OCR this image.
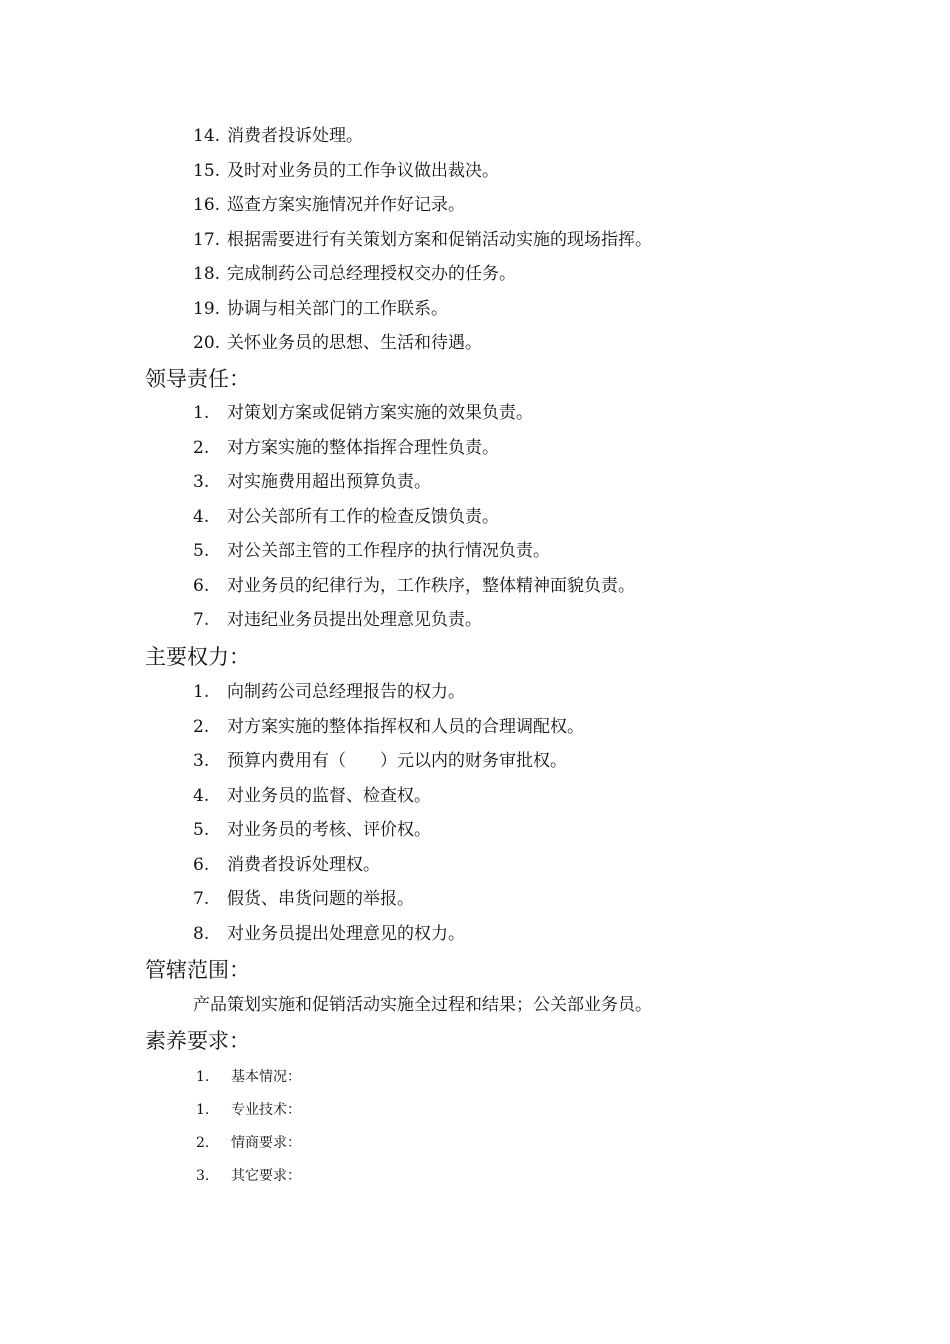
14. 消费者投诉处理。
15. 及时对业务员的工作争议做出裁决。
16. 巡查方案实施情况并作好记录。
17. 根据需要进行有关策划方案和促销活动实施的现场指挥。
18. 完成制药公司总经理授权交办的任务。
19. 协调与相关部门的工作联系。
20. 关怀业务员的思想、生活和待遇。
领导责任：
1. 对策划方案或促销方案实施的效果负责。
2. 对方案实施的整体指挥合理性负责。
3. 对实施费用超出预算负责。
4. 对公关部所有工作的检查反馈负责。
5. 对公关部主管的工作程序的执行情况负责。
6. 对业务员的纪律行为，工作秩序，整体精神面貌负责。
7. 对违纪业务员提出处理意见负责。
主要权力：
1. 向制药公司总经理报告的权力。
2. 对方案实施的整体指挥权和人员的合理调配权。
3. 预算内费用有（　　）元以内的财务审批权。
4. 对业务员的监督、检查权。
5. 对业务员的考核、评价权。
6. 消费者投诉处理权。
7. 假货、串货问题的举报。
8. 对业务员提出处理意见的权力。
管辖范围：
产品策划实施和促销活动实施全过程和结果；公关部业务员。
素养要求：
1. 基本情况：
1. 专业技术：
2. 情商要求：
3. 其它要求：
